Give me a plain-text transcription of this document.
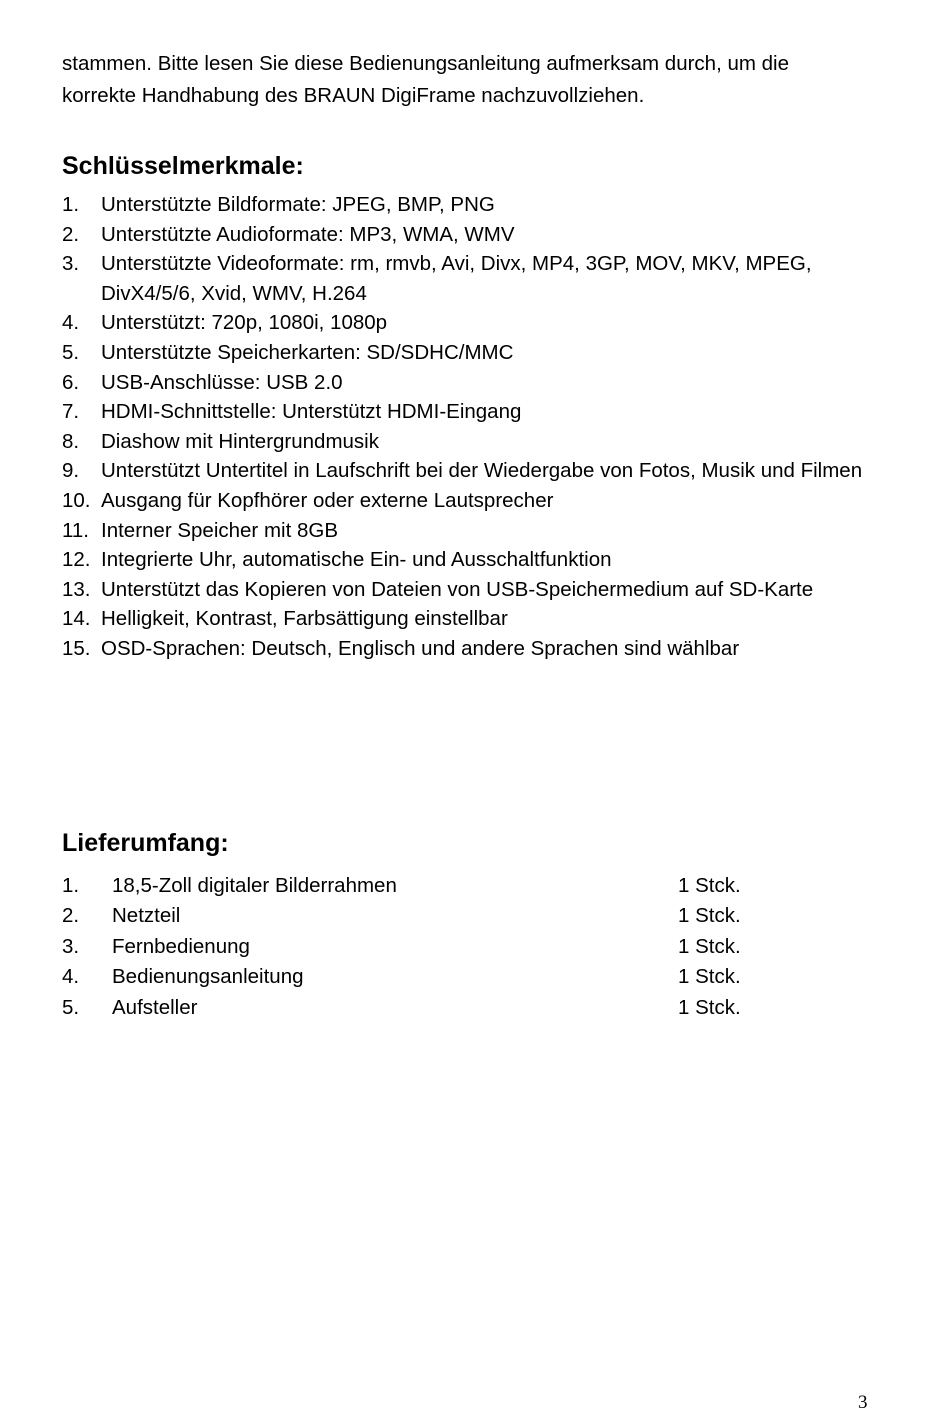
stammen. Bitte lesen Sie diese Bedienungsanleitung aufmerksam durch, um die
korrekte Handhabung des BRAUN DigiFrame nachzuvollziehen.

Schlüsselmerkmale:
1.	Unterstützte Bildformate: JPEG, BMP, PNG
2.	Unterstützte Audioformate: MP3, WMA, WMV
3.	Unterstützte Videoformate: rm, rmvb, Avi, Divx, MP4, 3GP, MOV, MKV, MPEG, DivX4/5/6, Xvid, WMV, H.264
4.	Unterstützt: 720p, 1080i, 1080p
5.	Unterstützte Speicherkarten: SD/SDHC/MMC
6.	USB-Anschlüsse: USB 2.0
7.	HDMI-Schnittstelle: Unterstützt HDMI-Eingang
8.	Diashow mit Hintergrundmusik
9.	Unterstützt Untertitel in Laufschrift bei der Wiedergabe von Fotos, Musik und Filmen
10. Ausgang für Kopfhörer oder externe Lautsprecher
11. Interner Speicher mit 8GB
12. Integrierte Uhr, automatische Ein- und Ausschaltfunktion
13. Unterstützt das Kopieren von Dateien von USB-Speichermedium auf SD-Karte
14. Helligkeit, Kontrast, Farbsättigung einstellbar
15. OSD-Sprachen: Deutsch, Englisch und andere Sprachen sind wählbar
Lieferumfang:
1.	18,5-Zoll digitaler Bilderrahmen	1 Stck.
2.	Netzteil	1 Stck.
3.	Fernbedienung	1 Stck.
4.	Bedienungsanleitung	1 Stck.
5.	Aufsteller	1 Stck.
3
